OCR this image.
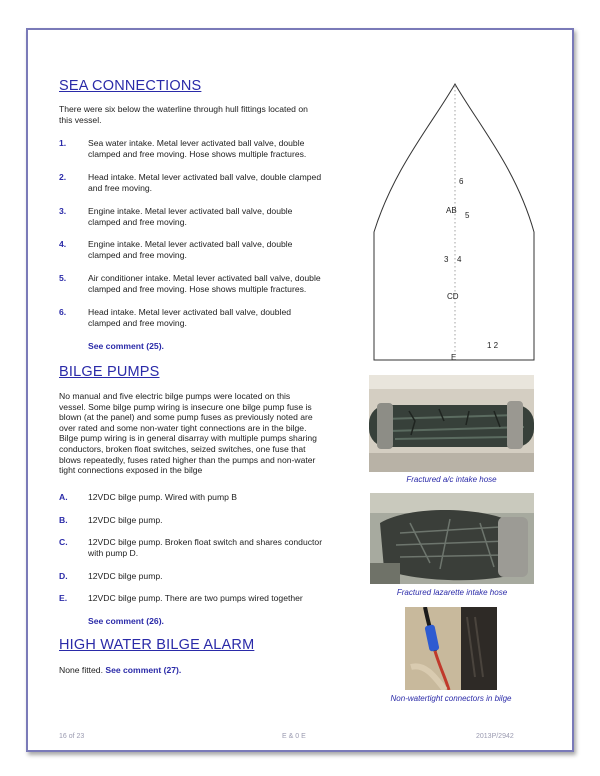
SEA CONNECTIONS
There were six below the waterline through hull fittings located on
this vessel.
1.	Sea water intake. Metal lever activated ball valve, double
clamped and free moving. Hose shows multiple fractures.
2.	Head intake. Metal lever activated ball valve, double clamped
and free moving.
3.	Engine intake. Metal lever activated ball valve, double
clamped and free moving.
4.	Engine intake. Metal lever activated ball valve, double
clamped and free moving.
5.	Air conditioner intake. Metal lever activated ball valve, double
clamped and free moving. Hose shows multiple fractures.
6.	Head intake. Metal lever activated ball valve, doubled
clamped and free moving.
See comment (25).
BILGE PUMPS
No manual and five electric bilge pumps were located on this
vessel. Some bilge pump wiring is insecure one bilge pump fuse is
blown (at the panel) and some pump fuses as previously noted are
over rated and some non-water tight connections are in the bilge.
Bilge pump wiring is in general disarray with multiple pumps sharing
conductors, broken float switches, seized switches, one fuse that
blows repeatedly, fuses rated higher than the pumps and non-water
tight connections exposed in the bilge
A. 12VDC bilge pump. Wired with pump B
B. 12VDC bilge pump.
C. 12VDC bilge pump. Broken float switch and shares conductor
with pump D.
D. 12VDC bilge pump.
E. 12VDC bilge pump. There are two pumps wired together
See comment (26).
HIGH WATER BILGE ALARM
None fitted. See comment (27).
6
AB
5
3 4
CD
E
1 2
Fractured a/c intake hose
Fractured lazarette intake hose
Non-watertight connectors in bilge
16 of 23	E & 0 E	2013P/2942
